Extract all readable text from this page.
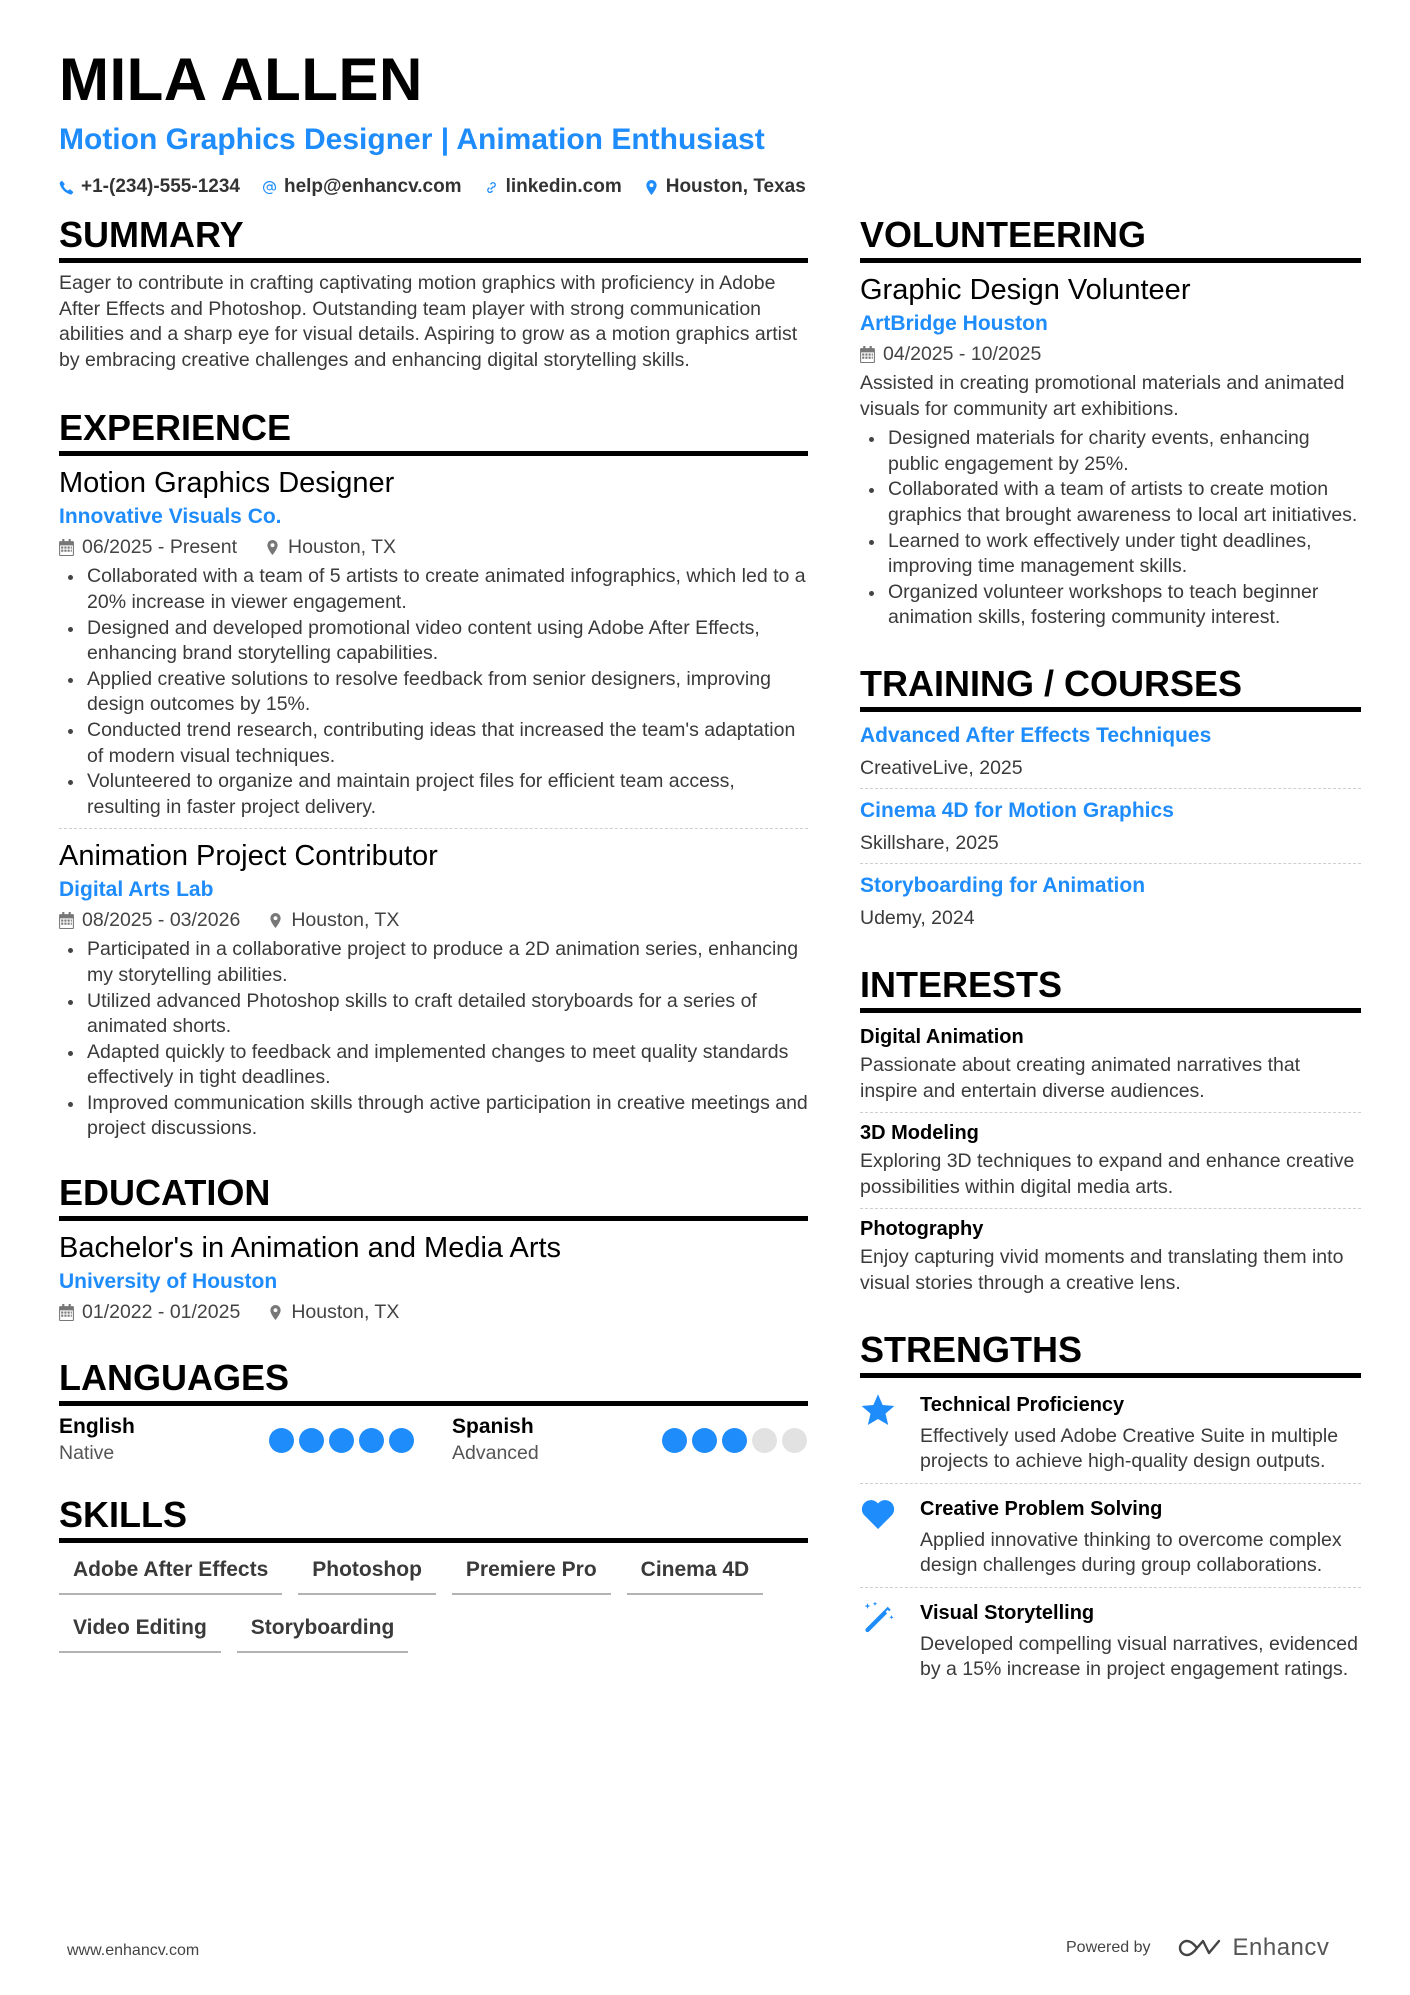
MILA ALLEN
Motion Graphics Designer | Animation Enthusiast
+1-(234)-555-1234 help@enhancv.com linkedin.com Houston, Texas
SUMMARY
Eager to contribute in crafting captivating motion graphics with proficiency in Adobe After Effects and Photoshop. Outstanding team player with strong communication abilities and a sharp eye for visual details. Aspiring to grow as a motion graphics artist by embracing creative challenges and enhancing digital storytelling skills.
EXPERIENCE
Motion Graphics Designer
Innovative Visuals Co.
06/2025 - Present	Houston, TX
Collaborated with a team of 5 artists to create animated infographics, which led to a 20% increase in viewer engagement.
Designed and developed promotional video content using Adobe After Effects, enhancing brand storytelling capabilities.
Applied creative solutions to resolve feedback from senior designers, improving design outcomes by 15%.
Conducted trend research, contributing ideas that increased the team's adaptation of modern visual techniques.
Volunteered to organize and maintain project files for efficient team access, resulting in faster project delivery.
Animation Project Contributor
Digital Arts Lab
08/2025 - 03/2026	Houston, TX
Participated in a collaborative project to produce a 2D animation series, enhancing my storytelling abilities.
Utilized advanced Photoshop skills to craft detailed storyboards for a series of animated shorts.
Adapted quickly to feedback and implemented changes to meet quality standards effectively in tight deadlines.
Improved communication skills through active participation in creative meetings and project discussions.
EDUCATION
Bachelor's in Animation and Media Arts
University of Houston
01/2022 - 01/2025	Houston, TX
LANGUAGES
English
Native
Spanish
Advanced
SKILLS
Adobe After Effects	Photoshop	Premiere Pro	Cinema 4D
Video Editing	Storyboarding
VOLUNTEERING
Graphic Design Volunteer
ArtBridge Houston
04/2025 - 10/2025
Assisted in creating promotional materials and animated visuals for community art exhibitions.
Designed materials for charity events, enhancing public engagement by 25%.
Collaborated with a team of artists to create motion graphics that brought awareness to local art initiatives.
Learned to work effectively under tight deadlines, improving time management skills.
Organized volunteer workshops to teach beginner animation skills, fostering community interest.
TRAINING / COURSES
Advanced After Effects Techniques
CreativeLive, 2025
Cinema 4D for Motion Graphics
Skillshare, 2025
Storyboarding for Animation
Udemy, 2024
INTERESTS
Digital Animation
Passionate about creating animated narratives that inspire and entertain diverse audiences.
3D Modeling
Exploring 3D techniques to expand and enhance creative possibilities within digital media arts.
Photography
Enjoy capturing vivid moments and translating them into visual stories through a creative lens.
STRENGTHS
Technical Proficiency
Effectively used Adobe Creative Suite in multiple projects to achieve high-quality design outputs.
Creative Problem Solving
Applied innovative thinking to overcome complex design challenges during group collaborations.
Visual Storytelling
Developed compelling visual narratives, evidenced by a 15% increase in project engagement ratings.
www.enhancv.com	Powered by	Enhancv
